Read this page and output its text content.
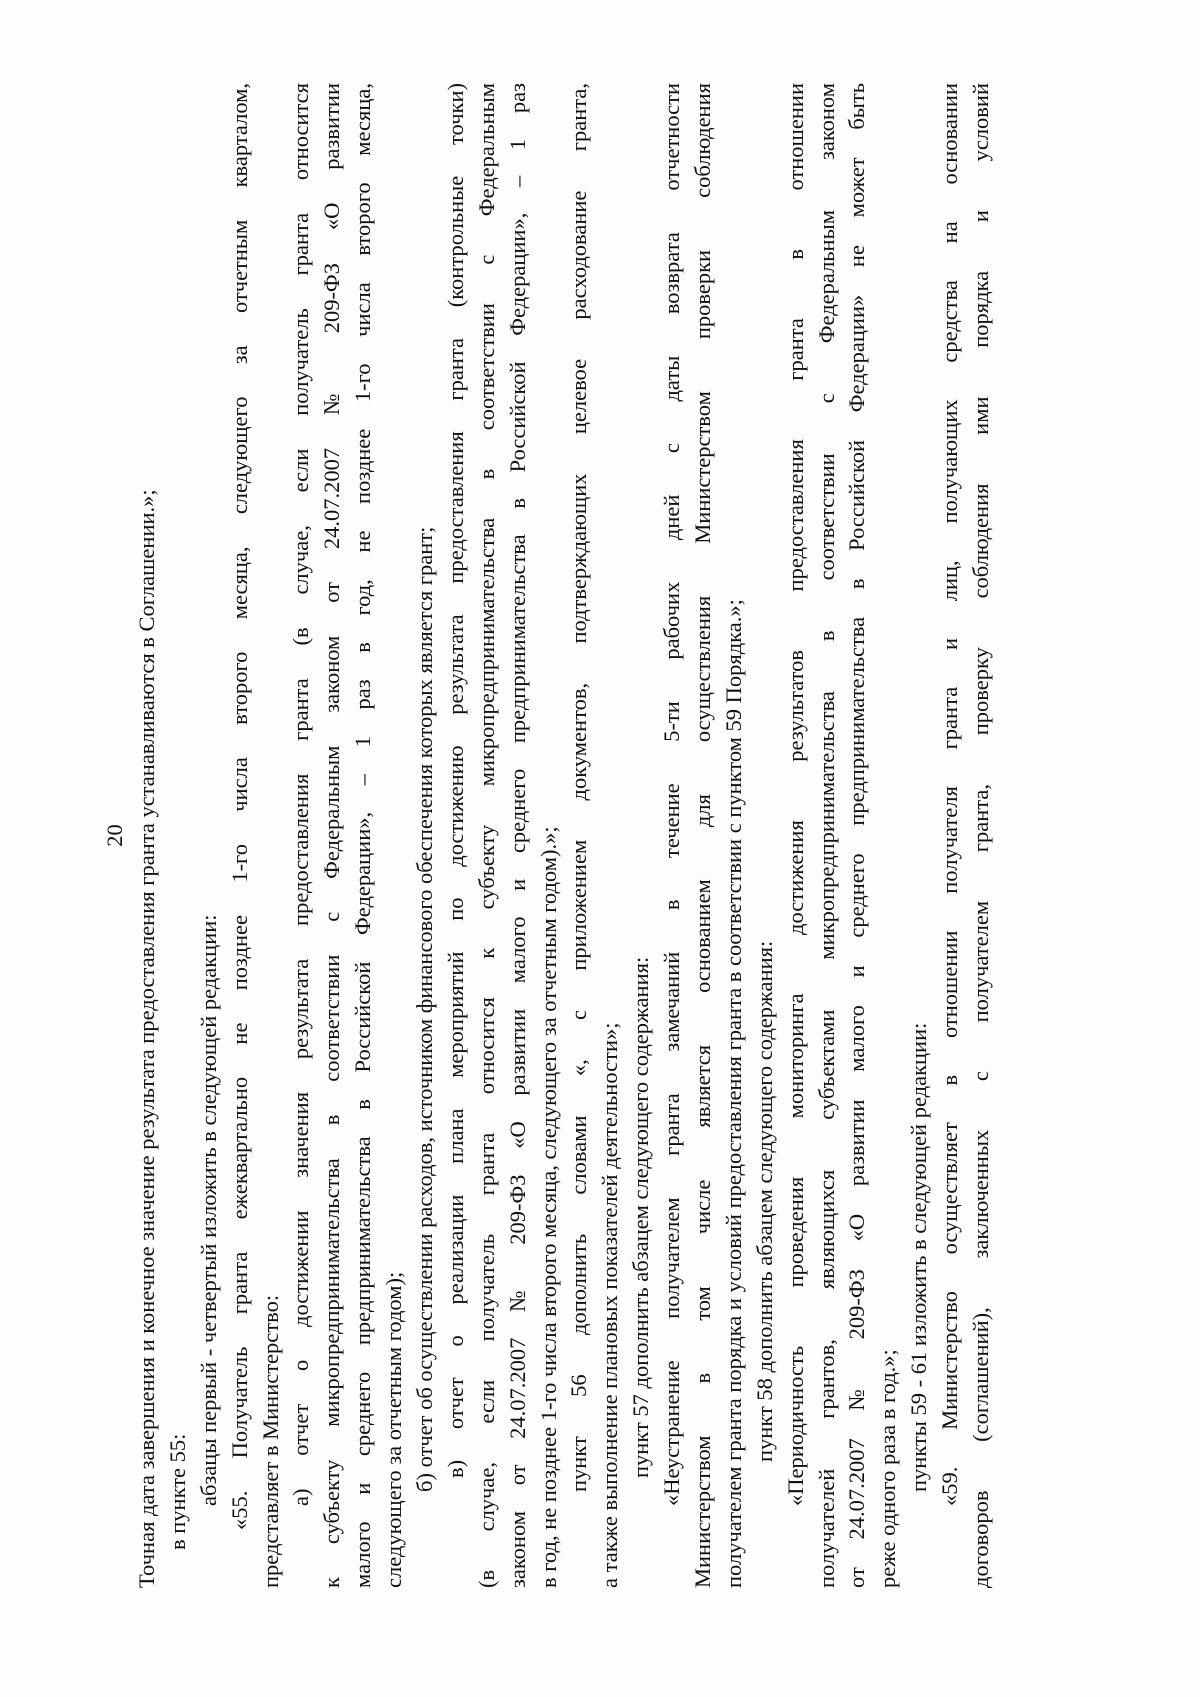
20 Точная дата завершения и конечное значение результата предоставления гранта устанавливаются в Соглашении.»; в пункте 55: абзацы первый - четвертый изложить в следующей редакции: «55. Получатель гранта ежеквартально не позднее 1-го числа второго месяца, следующего за отчетным кварталом, представляет в Министерство: а) отчет о достижении значения результата предоставления гранта (в случае, если получатель гранта относится к субъекту микропредпринимательства в соответствии с Федеральным законом от 24.07.2007 № 209-ФЗ «О развитии малого и среднего предпринимательства в Российской Федерации», – 1 раз в год, не позднее 1-го числа второго месяца, следующего за отчетным годом); б) отчет об осуществлении расходов, источником финансового обеспечения которых является грант; в) отчет о реализации плана мероприятий по достижению результата предоставления гранта (контрольные точки) (в случае, если получатель гранта относится к субъекту микропредпринимательства в соответствии с Федеральным законом от 24.07.2007 № 209-ФЗ «О развитии малого и среднего предпринимательства в Российской Федерации», – 1 раз в год, не позднее 1-го числа второго месяца, следующего за отчетным годом).»; пункт 56 дополнить словами «, с приложением документов, подтверждающих целевое расходование гранта, а также выполнение плановых показателей деятельности»; пункт 57 дополнить абзацем следующего содержания: «Неустранение получателем гранта замечаний в течение 5-ти рабочих дней с даты возврата отчетности Министерством в том числе является основанием для осуществления Министерством проверки соблюдения получателем гранта порядка и условий предоставления гранта в соответствии с пунктом 59 Порядка.»; пункт 58 дополнить абзацем следующего содержания: «Периодичность проведения мониторинга достижения результатов предоставления гранта в отношении получателей грантов, являющихся субъектами микропредпринимательства в соответствии с Федеральным законом от 24.07.2007 № 209-ФЗ «О развитии малого и среднего предпринимательства в Российской Федерации» не может быть реже одного раза в год.»; пункты 59 - 61 изложить в следующей редакции: «59. Министерство осуществляет в отношении получателя гранта и лиц, получающих средства на основании договоров (соглашений), заключенных с получателем гранта, проверку соблюдения ими порядка и условий
